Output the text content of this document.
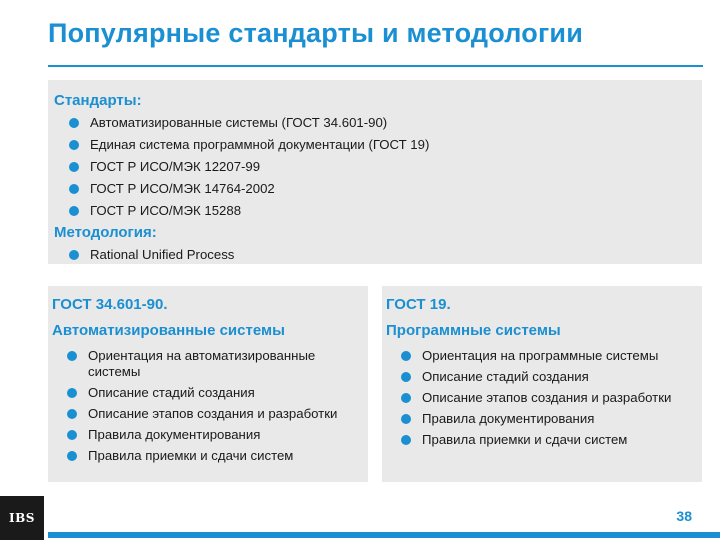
Популярные стандарты и методологии
Стандарты:
Автоматизированные системы (ГОСТ 34.601-90)
Единая система программной документации (ГОСТ 19)
ГОСТ Р ИСО/МЭК 12207-99
ГОСТ Р ИСО/МЭК 14764-2002
ГОСТ Р ИСО/МЭК 15288
Методология:
Rational Unified Process
ГОСТ 34.601-90.
Автоматизированные системы
Ориентация на автоматизированные системы
Описание стадий создания
Описание этапов создания и разработки
Правила документирования
Правила приемки и сдачи систем
ГОСТ 19.
Программные системы
Ориентация на программные системы
Описание стадий создания
Описание этапов создания и разработки
Правила документирования
Правила приемки и сдачи систем
IBS	38
